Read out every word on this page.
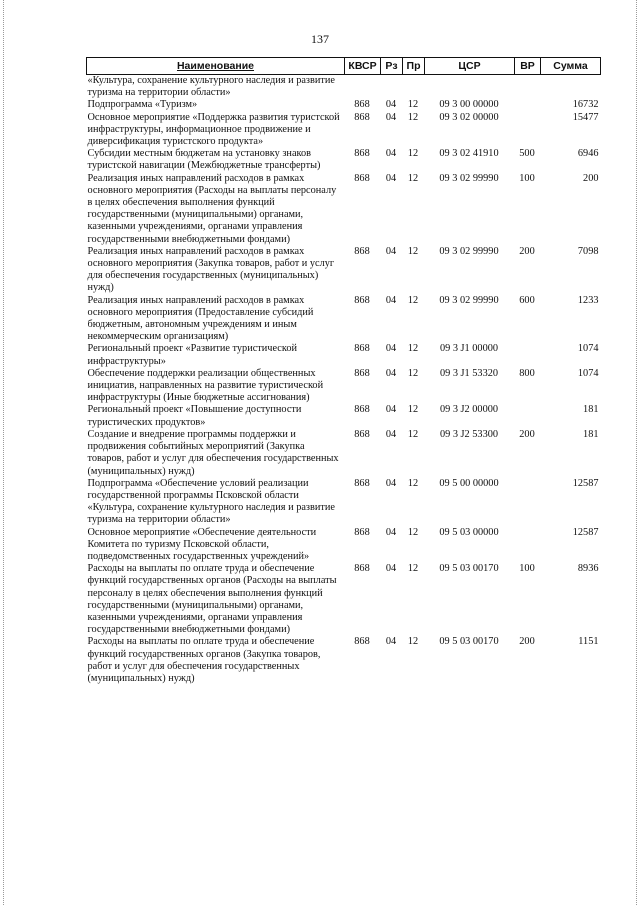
137
Наименование	КВСР	Рз	Пр	ЦСР	ВР	Сумма
«Культура, сохранение культурного наследия и развитие туризма на территории области»						
Подпрограмма «Туризм»	868	04	12	09 3 00 00000		16732
Основное мероприятие «Поддержка развития туристской инфраструктуры, информационное продвижение и диверсификация туристского продукта»	868	04	12	09 3 02 00000		15477
Субсидии местным бюджетам на установку знаков туристской навигации (Межбюджетные трансферты)	868	04	12	09 3 02 41910	500	6946
Реализация иных направлений расходов в рамках основного мероприятия (Расходы на выплаты персоналу в целях обеспечения выполнения функций государственными (муниципальными) органами, казенными учреждениями, органами управления государственными внебюджетными фондами)	868	04	12	09 3 02 99990	100	200
Реализация иных направлений расходов в рамках основного мероприятия (Закупка товаров, работ и услуг для обеспечения государственных (муниципальных) нужд)	868	04	12	09 3 02 99990	200	7098
Реализация иных направлений расходов в рамках основного мероприятия (Предоставление субсидий бюджетным, автономным учреждениям и иным некоммерческим организациям)	868	04	12	09 3 02 99990	600	1233
Региональный проект «Развитие туристической инфраструктуры»	868	04	12	09 3 J1 00000		1074
Обеспечение поддержки реализации общественных инициатив, направленных на развитие туристической инфраструктуры (Иные бюджетные ассигнования)	868	04	12	09 3 J1 53320	800	1074
Региональный проект «Повышение доступности туристических продуктов»	868	04	12	09 3 J2 00000		181
Создание и внедрение программы поддержки и продвижения событийных мероприятий (Закупка товаров, работ и услуг для обеспечения государственных (муниципальных) нужд)	868	04	12	09 3 J2 53300	200	181
Подпрограмма «Обеспечение условий реализации государственной программы Псковской области «Культура, сохранение культурного наследия и развитие туризма на территории области»	868	04	12	09 5 00 00000		12587
Основное мероприятие «Обеспечение деятельности Комитета по туризму Псковской области, подведомственных государственных учреждений»	868	04	12	09 5 03 00000		12587
Расходы на выплаты по оплате труда и обеспечение функций государственных органов (Расходы на выплаты персоналу в целях обеспечения выполнения функций государственными (муниципальными) органами, казенными учреждениями, органами управления государственными внебюджетными фондами)	868	04	12	09 5 03 00170	100	8936
Расходы на выплаты по оплате труда и обеспечение функций государственных органов (Закупка товаров, работ и услуг для обеспечения государственных (муниципальных) нужд)	868	04	12	09 5 03 00170	200	1151
